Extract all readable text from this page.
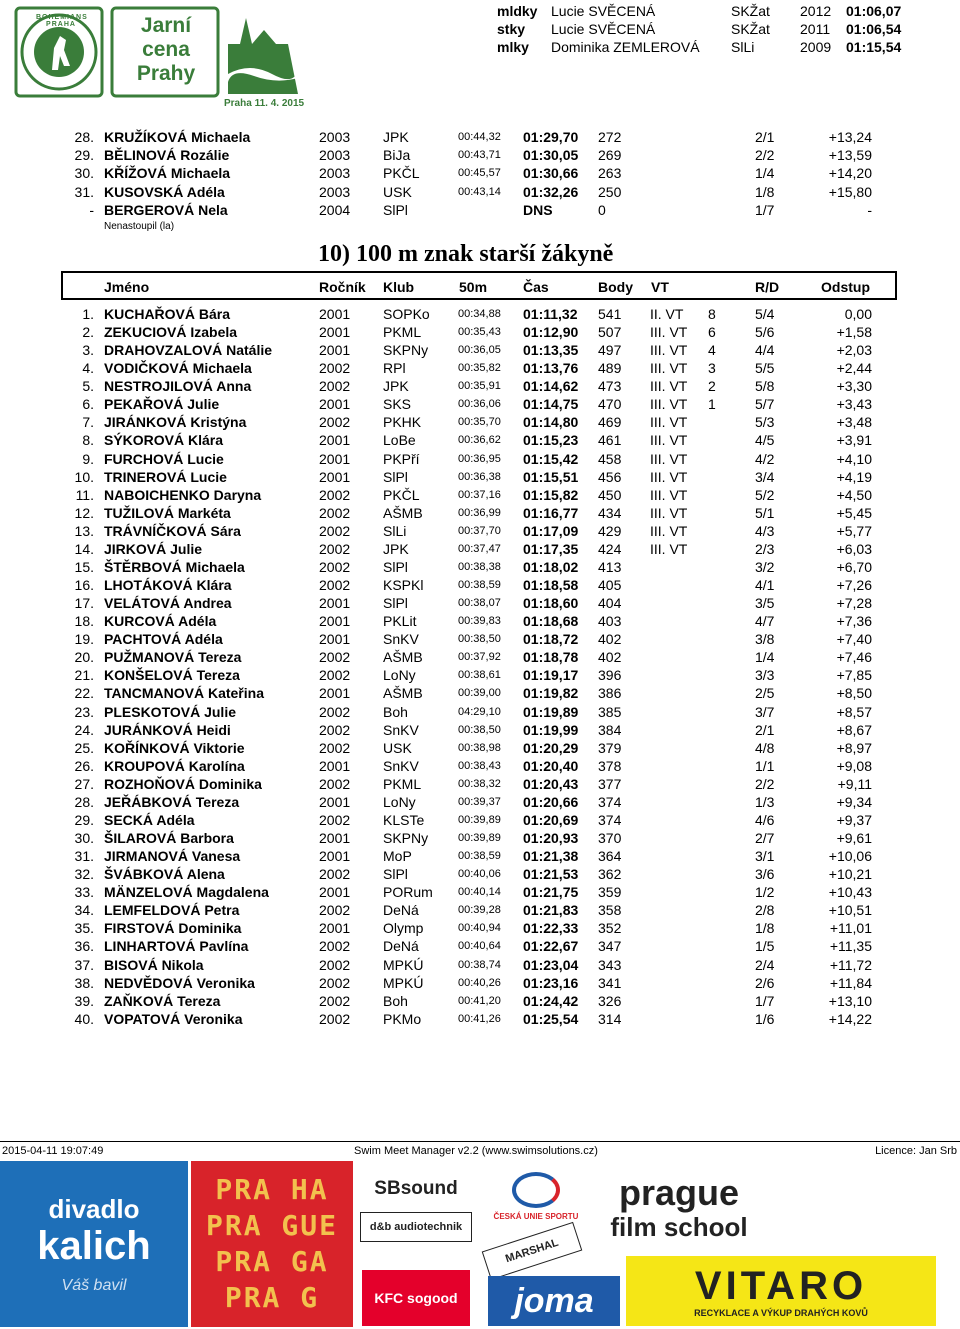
BOHEMIANS PRAHA	Jarní
cena
Prahy
Praha 11. 4. 2015
mldky Lucie SVĚCENÁ	SKŽat 2012 01:06,07
stky Lucie SVĚCENÁ	SKŽat 2011 01:06,54
mlky Dominika ZEMLEROVÁ SlLi	2009 01:15,54
28. KRUŽÍKOVÁ Michaela	2003 JPK	00:44,32 01:29,70 272	2/1	+13,24
29. BĚLINOVÁ Rozálie	2003 BiJa	00:43,71 01:30,05 269	2/2	+13,59
30. KŘÍŽOVÁ Michaela	2003 PKČL	00:45,57 01:30,66 263	1/4	+14,20
31. KUSOVSKÁ Adéla	2003 USK	00:43,14 01:32,26 250	1/8	+15,80
- BERGEROVÁ Nela	2004 SlPl	DNS	0	1/7	-
Nenastoupil (la)
10) 100 m znak starší žákyně
Jméno	Ročník Klub	50m	Čas	Body VT	R/D	Odstup
1. KUCHAŘOVÁ Bára	2001 SOPKo	00:34,88 01:11,32 541 II. VT 8	5/4	0,00
2. ZEKUCIOVÁ Izabela	2001 PKML	00:35,43 01:12,90 507 III. VT 6	5/6	+1,58
3. DRAHOVZALOVÁ Natálie	2001 SKPNy	00:36,05 01:13,35 497 III. VT 4	4/4	+2,03
4. VODIČKOVÁ Michaela	2002 RPl	00:35,82 01:13,76 489 III. VT 3	5/5	+2,44
5. NESTROJILOVÁ Anna	2002 JPK	00:35,91 01:14,62 473 III. VT 2	5/8	+3,30
6. PEKAŘOVÁ Julie	2001 SKS	00:36,06 01:14,75 470 III. VT 1	5/7	+3,43
7. JIRÁNKOVÁ Kristýna	2002 PKHK	00:35,70 01:14,80 469 III. VT	5/3	+3,48
8. SÝKOROVÁ Klára	2001 LoBe	00:36,62 01:15,23 461 III. VT	4/5	+3,91
9. FURCHOVÁ Lucie	2001 PKPří	00:36,95 01:15,42 458 III. VT	4/2	+4,10
10. TRINEROVÁ Lucie	2001 SlPl	00:36,38 01:15,51 456 III. VT	3/4	+4,19
11. NABOICHENKO Daryna	2002 PKČL	00:37,16 01:15,82 450 III. VT	5/2	+4,50
12. TUŽILOVÁ Markéta	2002 AŠMB	00:36,99 01:16,77 434 III. VT	5/1	+5,45
13. TRÁVNÍČKOVÁ Sára	2002 SlLi	00:37,70 01:17,09 429 III. VT	4/3	+5,77
14. JIRKOVÁ Julie	2002 JPK	00:37,47 01:17,35 424 III. VT	2/3	+6,03
15. ŠTĚRBOVÁ Michaela	2002 SlPl	00:38,38 01:18,02 413	3/2	+6,70
16. LHOTÁKOVÁ Klára	2002 KSPKl	00:38,59 01:18,58 405	4/1	+7,26
17. VELÁTOVÁ Andrea	2001 SlPl	00:38,07 01:18,60 404	3/5	+7,28
18. KURCOVÁ Adéla	2001 PKLit	00:39,83 01:18,68 403	4/7	+7,36
19. PACHTOVÁ Adéla	2001 SnKV	00:38,50 01:18,72 402	3/8	+7,40
20. PUŽMANOVÁ Tereza	2002 AŠMB	00:37,92 01:18,78 402	1/4	+7,46
21. KONŠELOVÁ Tereza	2002 LoNy	00:38,61 01:19,17 396	3/3	+7,85
22. TANCMANOVÁ Kateřina	2001 AŠMB	00:39,00 01:19,82 386	2/5	+8,50
23. PLESKOTOVÁ Julie	2002 Boh	04:29,10 01:19,89 385	3/7	+8,57
24. JURÁNKOVÁ Heidi	2002 SnKV	00:38,50 01:19,99 384	2/1	+8,67
25. KOŘÍNKOVÁ Viktorie	2002 USK	00:38,98 01:20,29 379	4/8	+8,97
26. KROUPOVÁ Karolína	2001 SnKV	00:38,43 01:20,40 378	1/1	+9,08
27. ROZHOŇOVÁ Dominika	2002 PKML	00:38,32 01:20,43 377	2/2	+9,11
28. JEŘÁBKOVÁ Tereza	2001 LoNy	00:39,37 01:20,66 374	1/3	+9,34
29. SECKÁ Adéla	2002 KLSTe	00:39,89 01:20,69 374	4/6	+9,37
30. ŠILAROVÁ Barbora	2001 SKPNy	00:39,89 01:20,93 370	2/7	+9,61
31. JIRMANOVÁ Vanesa	2001 MoP	00:38,59 01:21,38 364	3/1	+10,06
32. ŠVÁBKOVÁ Alena	2002 SlPl	00:40,06 01:21,53 362	3/6	+10,21
33. MÄNZELOVÁ Magdalena	2001 PORum 00:40,14 01:21,75 359	1/2	+10,43
34. LEMFELDOVÁ Petra	2002 DeNá	00:39,28 01:21,83 358	2/8	+10,51
35. FIRSTOVÁ Dominika	2001 Olymp	00:40,94 01:22,33 352	1/8	+11,01
36. LINHARTOVÁ Pavlína	2002 DeNá	00:40,64 01:22,67 347	1/5	+11,35
37. BISOVÁ Nikola	2002 MPKÚ	00:38,74 01:23,04 343	2/4	+11,72
38. NEDVĚDOVÁ Veronika	2002 MPKÚ	00:40,26 01:23,16 341	2/6	+11,84
39. ZAŇKOVÁ Tereza	2002 Boh	00:41,20 01:24,42 326	1/7	+13,10
40. VOPATOVÁ Veronika	2002 PKMo	00:41,26 01:25,54 314	1/6	+14,22
2015-04-11 19:07:49	Swim Meet Manager v2.2 (www.swimsolutions.cz)	Licence: Jan Srb
divadlo
kalich
Váš bavil
PRA HA
PRA GUE
PRA GA
PRA G
SBsound
d&b audiotechnik
ČESKÁ UNIE SPORTU
MARSHAL
KFC sogood joma
prague
film school
VITARO
RECYKLACE A VÝKUP DRAHÝCH KOVŮ
